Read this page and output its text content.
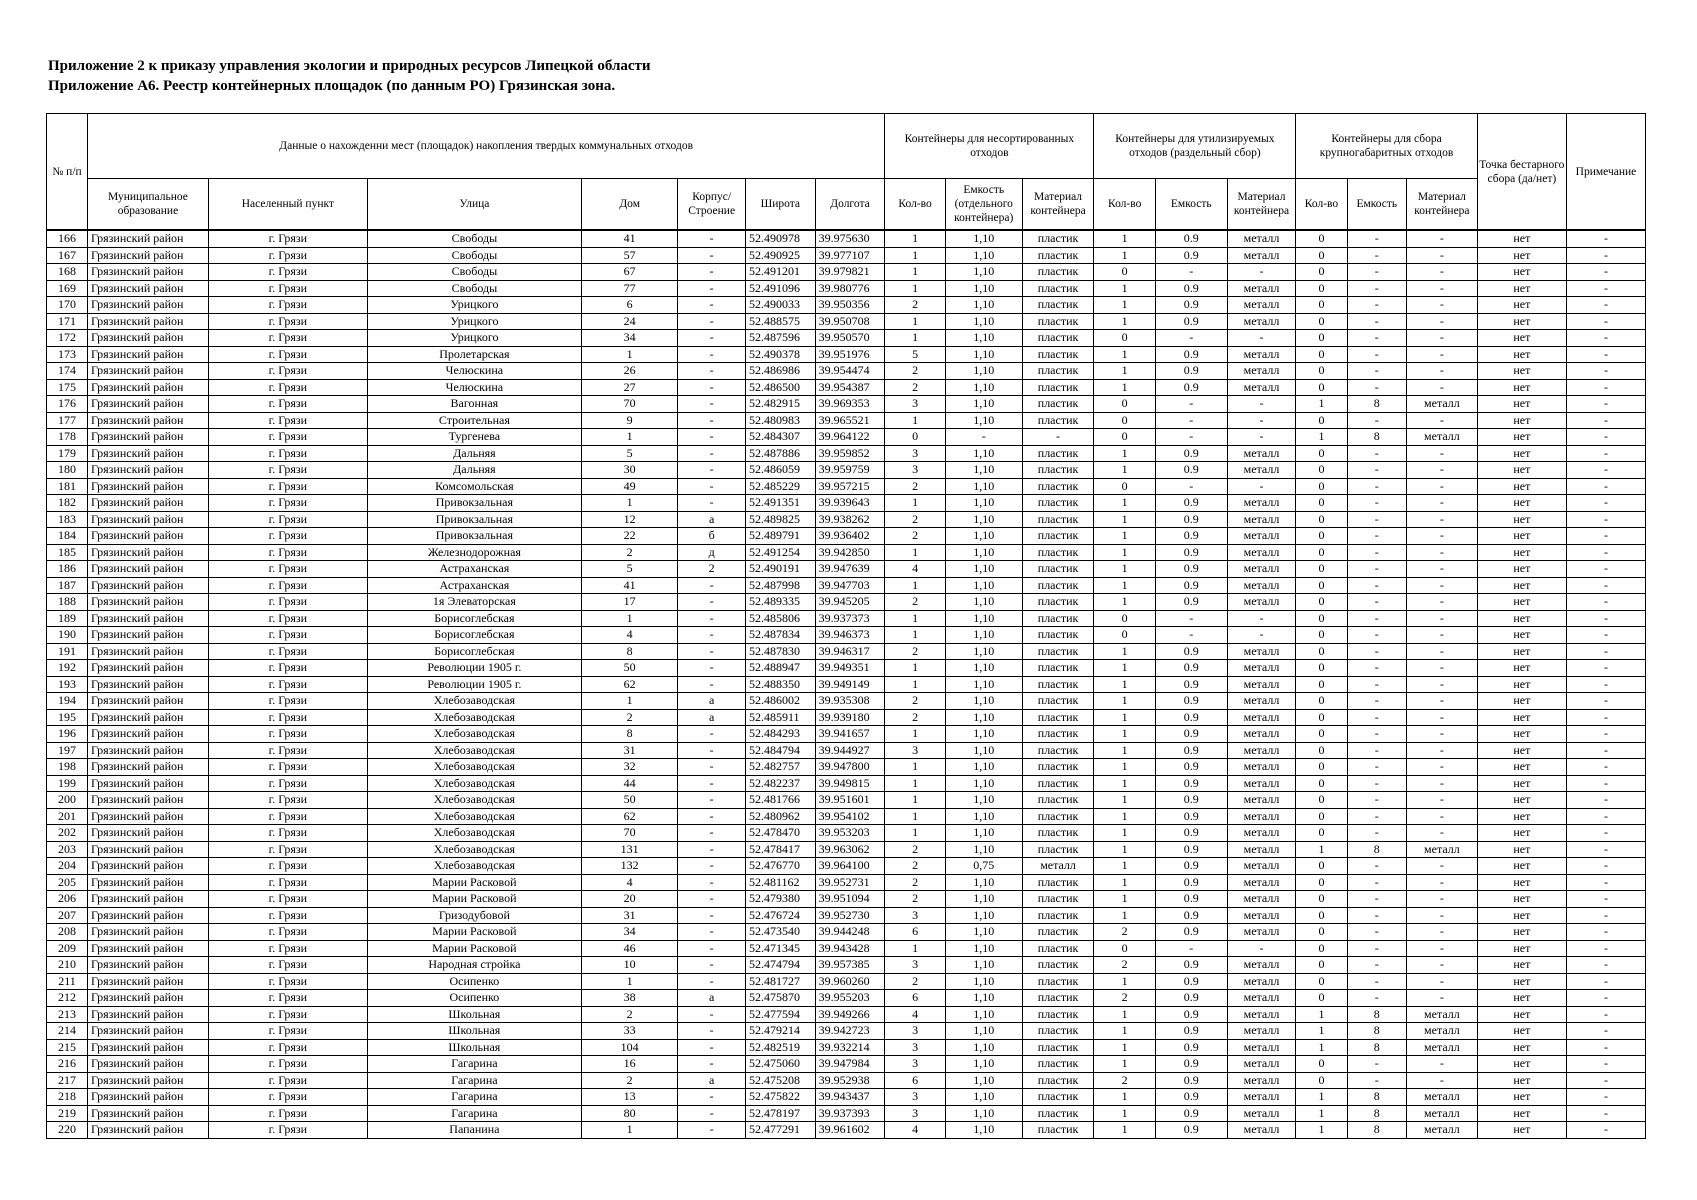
Приложение 2 к приказу управления экологии и природных ресурсов Липецкой области
Приложение А6. Реестр контейнерных площадок (по данным РО) Грязинская зона.
№ п/п	Данные о нахожденни мест (площадок) накопления твердых коммунальных отходов							Контейнеры для несортированных отходов			Контейнеры для утилизируемых отходов (раздельный сбор)			Контейнеры для сбора крупногабаритных отходов			Точка бестарного сбора (да/нет)	Примечание
	Муниципальное образование	Населенный пункт	Улица	Дом	Корпус/ Строение	Широта	Долгота	Кол-во	Емкость (отдельного контейнера)	Материал контейнера	Кол-во	Емкость	Материал контейнера	Кол-во	Емкость	Материал контейнера		
166	Грязинский район	г. Грязи	Свободы	41	-	52.490978	39.975630	1	1,10	пластик	1	0.9	металл	0	-	-	нет	-
167	Грязинский район	г. Грязи	Свободы	57	-	52.490925	39.977107	1	1,10	пластик	1	0.9	металл	0	-	-	нет	-
168	Грязинский район	г. Грязи	Свободы	67	-	52.491201	39.979821	1	1,10	пластик	0	-	-	0	-	-	нет	-
169	Грязинский район	г. Грязи	Свободы	77	-	52.491096	39.980776	1	1,10	пластик	1	0.9	металл	0	-	-	нет	-
170	Грязинский район	г. Грязи	Урицкого	6	-	52.490033	39.950356	2	1,10	пластик	1	0.9	металл	0	-	-	нет	-
171	Грязинский район	г. Грязи	Урицкого	24	-	52.488575	39.950708	1	1,10	пластик	1	0.9	металл	0	-	-	нет	-
172	Грязинский район	г. Грязи	Урицкого	34	-	52.487596	39.950570	1	1,10	пластик	0	-	-	0	-	-	нет	-
173	Грязинский район	г. Грязи	Пролетарская	1	-	52.490378	39.951976	5	1,10	пластик	1	0.9	металл	0	-	-	нет	-
174	Грязинский район	г. Грязи	Челюскина	26	-	52.486986	39.954474	2	1,10	пластик	1	0.9	металл	0	-	-	нет	-
175	Грязинский район	г. Грязи	Челюскина	27	-	52.486500	39.954387	2	1,10	пластик	1	0.9	металл	0	-	-	нет	-
176	Грязинский район	г. Грязи	Вагонная	70	-	52.482915	39.969353	3	1,10	пластик	0	-	-	1	8	металл	нет	-
177	Грязинский район	г. Грязи	Строительная	9	-	52.480983	39.965521	1	1,10	пластик	0	-	-	0	-	-	нет	-
178	Грязинский район	г. Грязи	Тургенева	1	-	52.484307	39.964122	0	-	-	0	-	-	1	8	металл	нет	-
179	Грязинский район	г. Грязи	Дальняя	5	-	52.487886	39.959852	3	1,10	пластик	1	0.9	металл	0	-	-	нет	-
180	Грязинский район	г. Грязи	Дальняя	30	-	52.486059	39.959759	3	1,10	пластик	1	0.9	металл	0	-	-	нет	-
181	Грязинский район	г. Грязи	Комсомольская	49	-	52.485229	39.957215	2	1,10	пластик	0	-	-	0	-	-	нет	-
182	Грязинский район	г. Грязи	Привокзальная	1	-	52.491351	39.939643	1	1,10	пластик	1	0.9	металл	0	-	-	нет	-
183	Грязинский район	г. Грязи	Привокзальная	12	а	52.489825	39.938262	2	1,10	пластик	1	0.9	металл	0	-	-	нет	-
184	Грязинский район	г. Грязи	Привокзальная	22	б	52.489791	39.936402	2	1,10	пластик	1	0.9	металл	0	-	-	нет	-
185	Грязинский район	г. Грязи	Железнодорожная	2	д	52.491254	39.942850	1	1,10	пластик	1	0.9	металл	0	-	-	нет	-
186	Грязинский район	г. Грязи	Астраханская	5	2	52.490191	39.947639	4	1,10	пластик	1	0.9	металл	0	-	-	нет	-
187	Грязинский район	г. Грязи	Астраханская	41	-	52.487998	39.947703	1	1,10	пластик	1	0.9	металл	0	-	-	нет	-
188	Грязинский район	г. Грязи	1я Элеваторская	17	-	52.489335	39.945205	2	1,10	пластик	1	0.9	металл	0	-	-	нет	-
189	Грязинский район	г. Грязи	Борисоглебская	1	-	52.485806	39.937373	1	1,10	пластик	0	-	-	0	-	-	нет	-
190	Грязинский район	г. Грязи	Борисоглебская	4	-	52.487834	39.946373	1	1,10	пластик	0	-	-	0	-	-	нет	-
191	Грязинский район	г. Грязи	Борисоглебская	8	-	52.487830	39.946317	2	1,10	пластик	1	0.9	металл	0	-	-	нет	-
192	Грязинский район	г. Грязи	Революции 1905 г.	50	-	52.488947	39.949351	1	1,10	пластик	1	0.9	металл	0	-	-	нет	-
193	Грязинский район	г. Грязи	Революции 1905 г.	62	-	52.488350	39.949149	1	1,10	пластик	1	0.9	металл	0	-	-	нет	-
194	Грязинский район	г. Грязи	Хлебозаводская	1	а	52.486002	39.935308	2	1,10	пластик	1	0.9	металл	0	-	-	нет	-
195	Грязинский район	г. Грязи	Хлебозаводская	2	а	52.485911	39.939180	2	1,10	пластик	1	0.9	металл	0	-	-	нет	-
196	Грязинский район	г. Грязи	Хлебозаводская	8	-	52.484293	39.941657	1	1,10	пластик	1	0.9	металл	0	-	-	нет	-
197	Грязинский район	г. Грязи	Хлебозаводская	31	-	52.484794	39.944927	3	1,10	пластик	1	0.9	металл	0	-	-	нет	-
198	Грязинский район	г. Грязи	Хлебозаводская	32	-	52.482757	39.947800	1	1,10	пластик	1	0.9	металл	0	-	-	нет	-
199	Грязинский район	г. Грязи	Хлебозаводская	44	-	52.482237	39.949815	1	1,10	пластик	1	0.9	металл	0	-	-	нет	-
200	Грязинский район	г. Грязи	Хлебозаводская	50	-	52.481766	39.951601	1	1,10	пластик	1	0.9	металл	0	-	-	нет	-
201	Грязинский район	г. Грязи	Хлебозаводская	62	-	52.480962	39.954102	1	1,10	пластик	1	0.9	металл	0	-	-	нет	-
202	Грязинский район	г. Грязи	Хлебозаводская	70	-	52.478470	39.953203	1	1,10	пластик	1	0.9	металл	0	-	-	нет	-
203	Грязинский район	г. Грязи	Хлебозаводская	131	-	52.478417	39.963062	2	1,10	пластик	1	0.9	металл	1	8	металл	нет	-
204	Грязинский район	г. Грязи	Хлебозаводская	132	-	52.476770	39.964100	2	0,75	металл	1	0.9	металл	0	-	-	нет	-
205	Грязинский район	г. Грязи	Марии Расковой	4	-	52.481162	39.952731	2	1,10	пластик	1	0.9	металл	0	-	-	нет	-
206	Грязинский район	г. Грязи	Марии Расковой	20	-	52.479380	39.951094	2	1,10	пластик	1	0.9	металл	0	-	-	нет	-
207	Грязинский район	г. Грязи	Гризодубовой	31	-	52.476724	39.952730	3	1,10	пластик	1	0.9	металл	0	-	-	нет	-
208	Грязинский район	г. Грязи	Марии Расковой	34	-	52.473540	39.944248	6	1,10	пластик	2	0.9	металл	0	-	-	нет	-
209	Грязинский район	г. Грязи	Марии Расковой	46	-	52.471345	39.943428	1	1,10	пластик	0	-	-	0	-	-	нет	-
210	Грязинский район	г. Грязи	Народная стройка	10	-	52.474794	39.957385	3	1,10	пластик	2	0.9	металл	0	-	-	нет	-
211	Грязинский район	г. Грязи	Осипенко	1	-	52.481727	39.960260	2	1,10	пластик	1	0.9	металл	0	-	-	нет	-
212	Грязинский район	г. Грязи	Осипенко	38	а	52.475870	39.955203	6	1,10	пластик	2	0.9	металл	0	-	-	нет	-
213	Грязинский район	г. Грязи	Школьная	2	-	52.477594	39.949266	4	1,10	пластик	1	0.9	металл	1	8	металл	нет	-
214	Грязинский район	г. Грязи	Школьная	33	-	52.479214	39.942723	3	1,10	пластик	1	0.9	металл	1	8	металл	нет	-
215	Грязинский район	г. Грязи	Школьная	104	-	52.482519	39.932214	3	1,10	пластик	1	0.9	металл	1	8	металл	нет	-
216	Грязинский район	г. Грязи	Гагарина	16	-	52.475060	39.947984	3	1,10	пластик	1	0.9	металл	0	-	-	нет	-
217	Грязинский район	г. Грязи	Гагарина	2	а	52.475208	39.952938	6	1,10	пластик	2	0.9	металл	0	-	-	нет	-
218	Грязинский район	г. Грязи	Гагарина	13	-	52.475822	39.943437	3	1,10	пластик	1	0.9	металл	1	8	металл	нет	-
219	Грязинский район	г. Грязи	Гагарина	80	-	52.478197	39.937393	3	1,10	пластик	1	0.9	металл	1	8	металл	нет	-
220	Грязинский район	г. Грязи	Папанина	1	-	52.477291	39.961602	4	1,10	пластик	1	0.9	металл	1	8	металл	нет	-
